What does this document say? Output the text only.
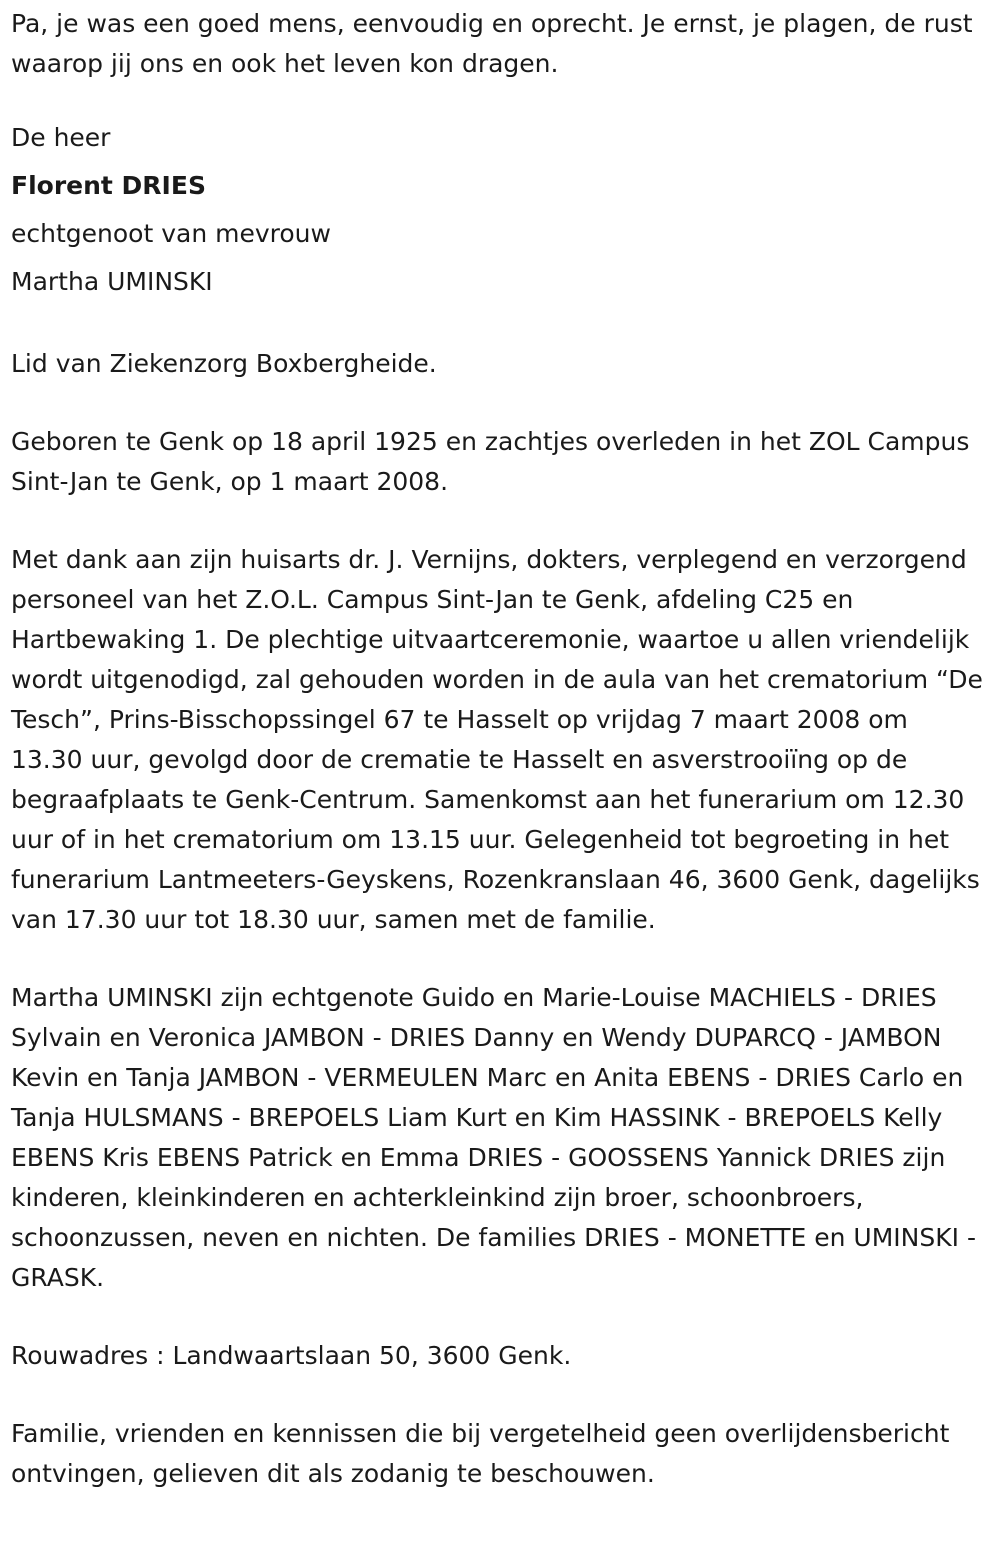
Pa, je was een goed mens, eenvoudig en oprecht. Je ernst, je plagen, de rust waarop jij ons en ook het leven kon dragen.

De heer
Florent DRIES
echtgenoot van mevrouw
Martha UMINSKI

Lid van Ziekenzorg Boxbergheide.

Geboren te Genk op 18 april 1925 en zachtjes overleden in het ZOL Campus Sint-Jan te Genk, op 1 maart 2008.

Met dank aan zijn huisarts dr. J. Vernijns, dokters, verplegend en verzorgend personeel van het Z.O.L. Campus Sint-Jan te Genk, afdeling C25 en Hartbewaking 1. De plechtige uitvaartceremonie, waartoe u allen vriendelijk wordt uitgenodigd, zal gehouden worden in de aula van het crematorium “De Tesch”, Prins-Bisschopssingel 67 te Hasselt op vrijdag 7 maart 2008 om 13.30 uur, gevolgd door de crematie te Hasselt en asverstrooiïng op de begraafplaats te Genk-Centrum. Samenkomst aan het funerarium om 12.30 uur of in het crematorium om 13.15 uur. Gelegenheid tot begroeting in het funerarium Lantmeeters-Geyskens, Rozenkranslaan 46, 3600 Genk, dagelijks van 17.30 uur tot 18.30 uur, samen met de familie.

Martha UMINSKI zijn echtgenote Guido en Marie-Louise MACHIELS - DRIES Sylvain en Veronica JAMBON - DRIES Danny en Wendy DUPARCQ - JAMBON Kevin en Tanja JAMBON - VERMEULEN Marc en Anita EBENS - DRIES Carlo en Tanja HULSMANS - BREPOELS Liam Kurt en Kim HASSINK - BREPOELS Kelly EBENS Kris EBENS Patrick en Emma DRIES - GOOSSENS Yannick DRIES zijn kinderen, kleinkinderen en achterkleinkind zijn broer, schoonbroers, schoonzussen, neven en nichten. De families DRIES - MONETTE en UMINSKI - GRASK.

Rouwadres : Landwaartslaan 50, 3600 Genk.

Familie, vrienden en kennissen die bij vergetelheid geen overlijdensbericht ontvingen, gelieven dit als zodanig te beschouwen.
